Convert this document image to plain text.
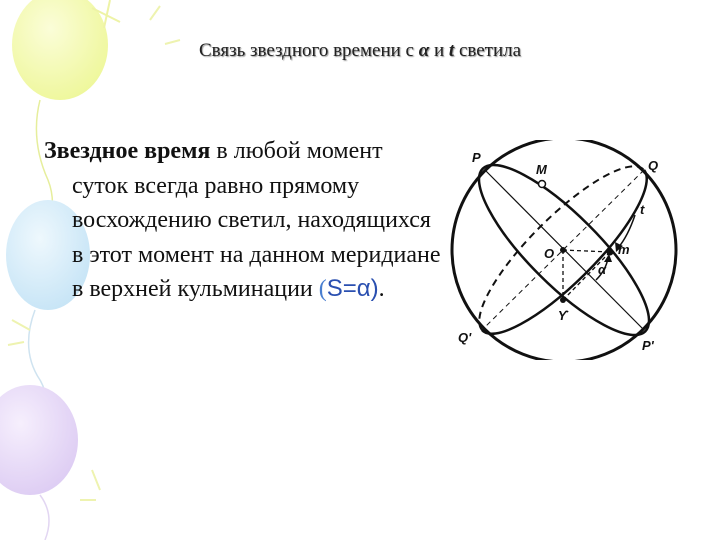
Связь звездного времени с α и t светила
Звездное время в любой момент суток всегда равно прямому восхождению светил, находящихся в этот момент на данном меридиане в верхней кульминации (S=α).
P
M	Q
t
O	m
α
ϒ
Q'
P'
